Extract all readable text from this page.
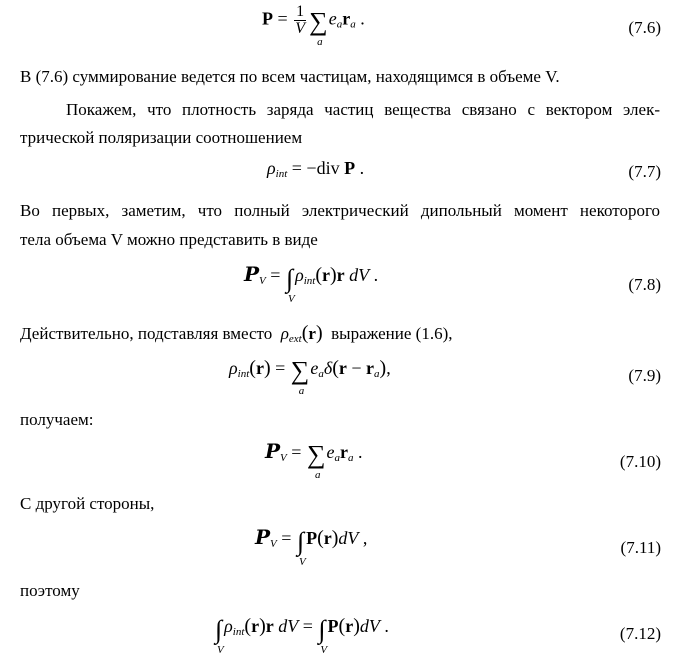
$P = \frac{1}{V}$ ∑
a
$e_ar_a$ .	(7.6)
В (7.6) суммирование ведется по всем частицам, находящимся в объеме V.
Покажем, что плотность заряда частиц вещества связано с вектором элек-
трической поляризации соотношением
$\rho_{int} = -div$ P .	(7.7)
Во первых, заметим, что полный электрический дипольный момент некоторого
тела объема V можно представить в виде
$P_V$ = ∫
V
$\rho_{int}(r)r$ dV .	(7.8)
Действительно, подставляя вместо $\rho_{ext}(r)$ выражение (1.6),
$\rho_{int}(r)$ = ∑
a
$e_a\delta(r - r_a)$,	(7.9)
получаем:
$P_V$ = ∑
a
$e_ar_a$ .	(7.10)
С другой стороны,
$P_V$ = ∫
V
P(r)dV ,	(7.11)
поэтому
∫
V
$\rho_{int}(r)r$ dV = ∫
V
P(r)dV .	(7.12)
